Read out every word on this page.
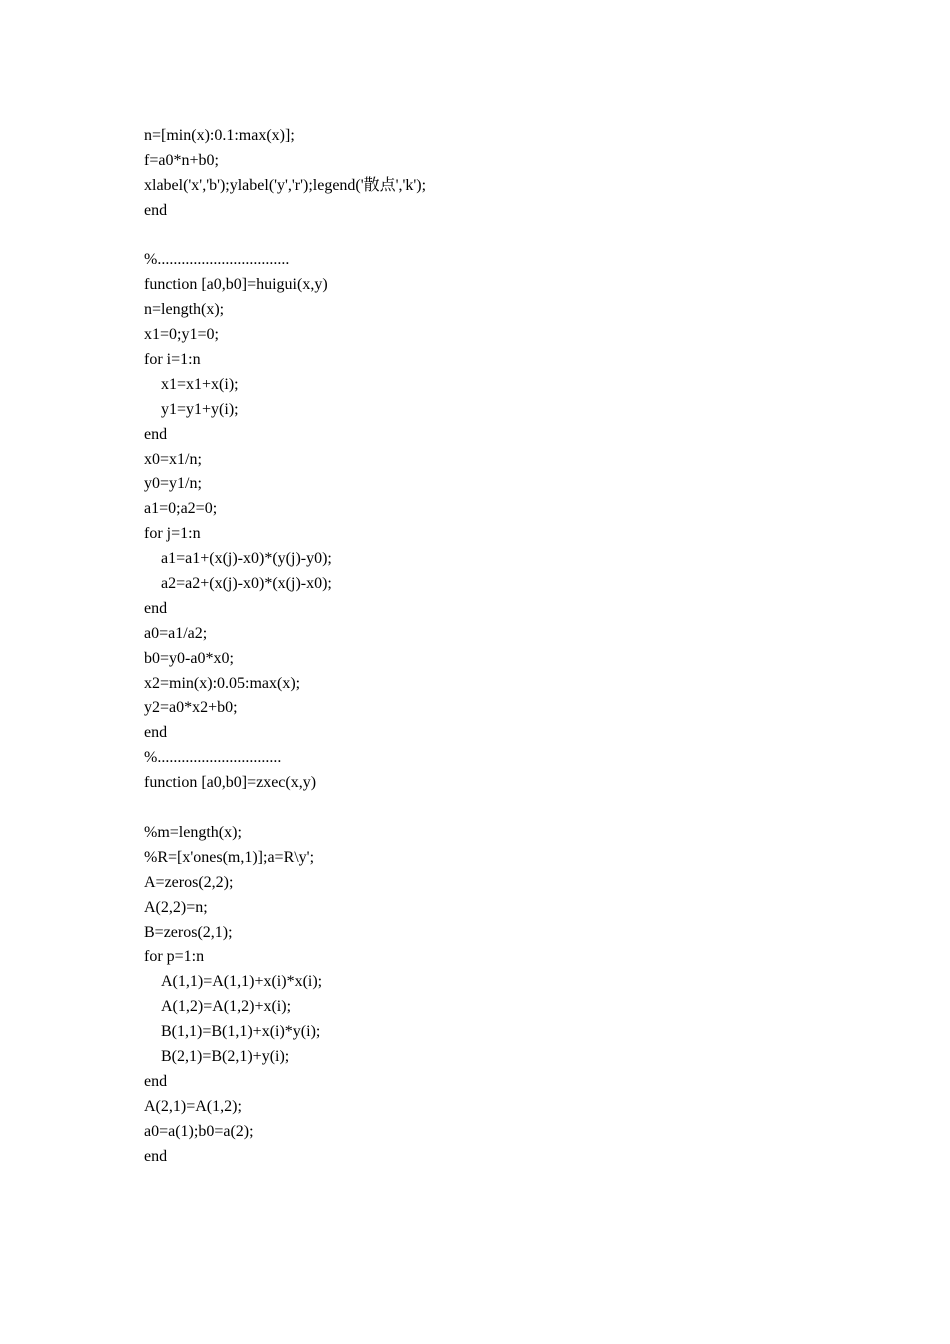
n=[min(x):0.1:max(x)];
f=a0*n+b0;
xlabel('x','b');ylabel('y','r');legend('散点','k');
end
%.................................
function [a0,b0]=huigui(x,y)
n=length(x);
x1=0;y1=0;
for i=1:n
x1=x1+x(i);
y1=y1+y(i);
end
x0=x1/n;
y0=y1/n;
a1=0;a2=0;
for j=1:n
a1=a1+(x(j)-x0)*(y(j)-y0);
a2=a2+(x(j)-x0)*(x(j)-x0);
end
a0=a1/a2;
b0=y0-a0*x0;
x2=min(x):0.05:max(x);
y2=a0*x2+b0;
end
%...............................
function [a0,b0]=zxec(x,y)
%m=length(x);
%R=[x'ones(m,1)];a=R\y';
A=zeros(2,2);
A(2,2)=n;
B=zeros(2,1);
for p=1:n
A(1,1)=A(1,1)+x(i)*x(i);
A(1,2)=A(1,2)+x(i);
B(1,1)=B(1,1)+x(i)*y(i);
B(2,1)=B(2,1)+y(i);
end
A(2,1)=A(1,2);
a0=a(1);b0=a(2);
end
